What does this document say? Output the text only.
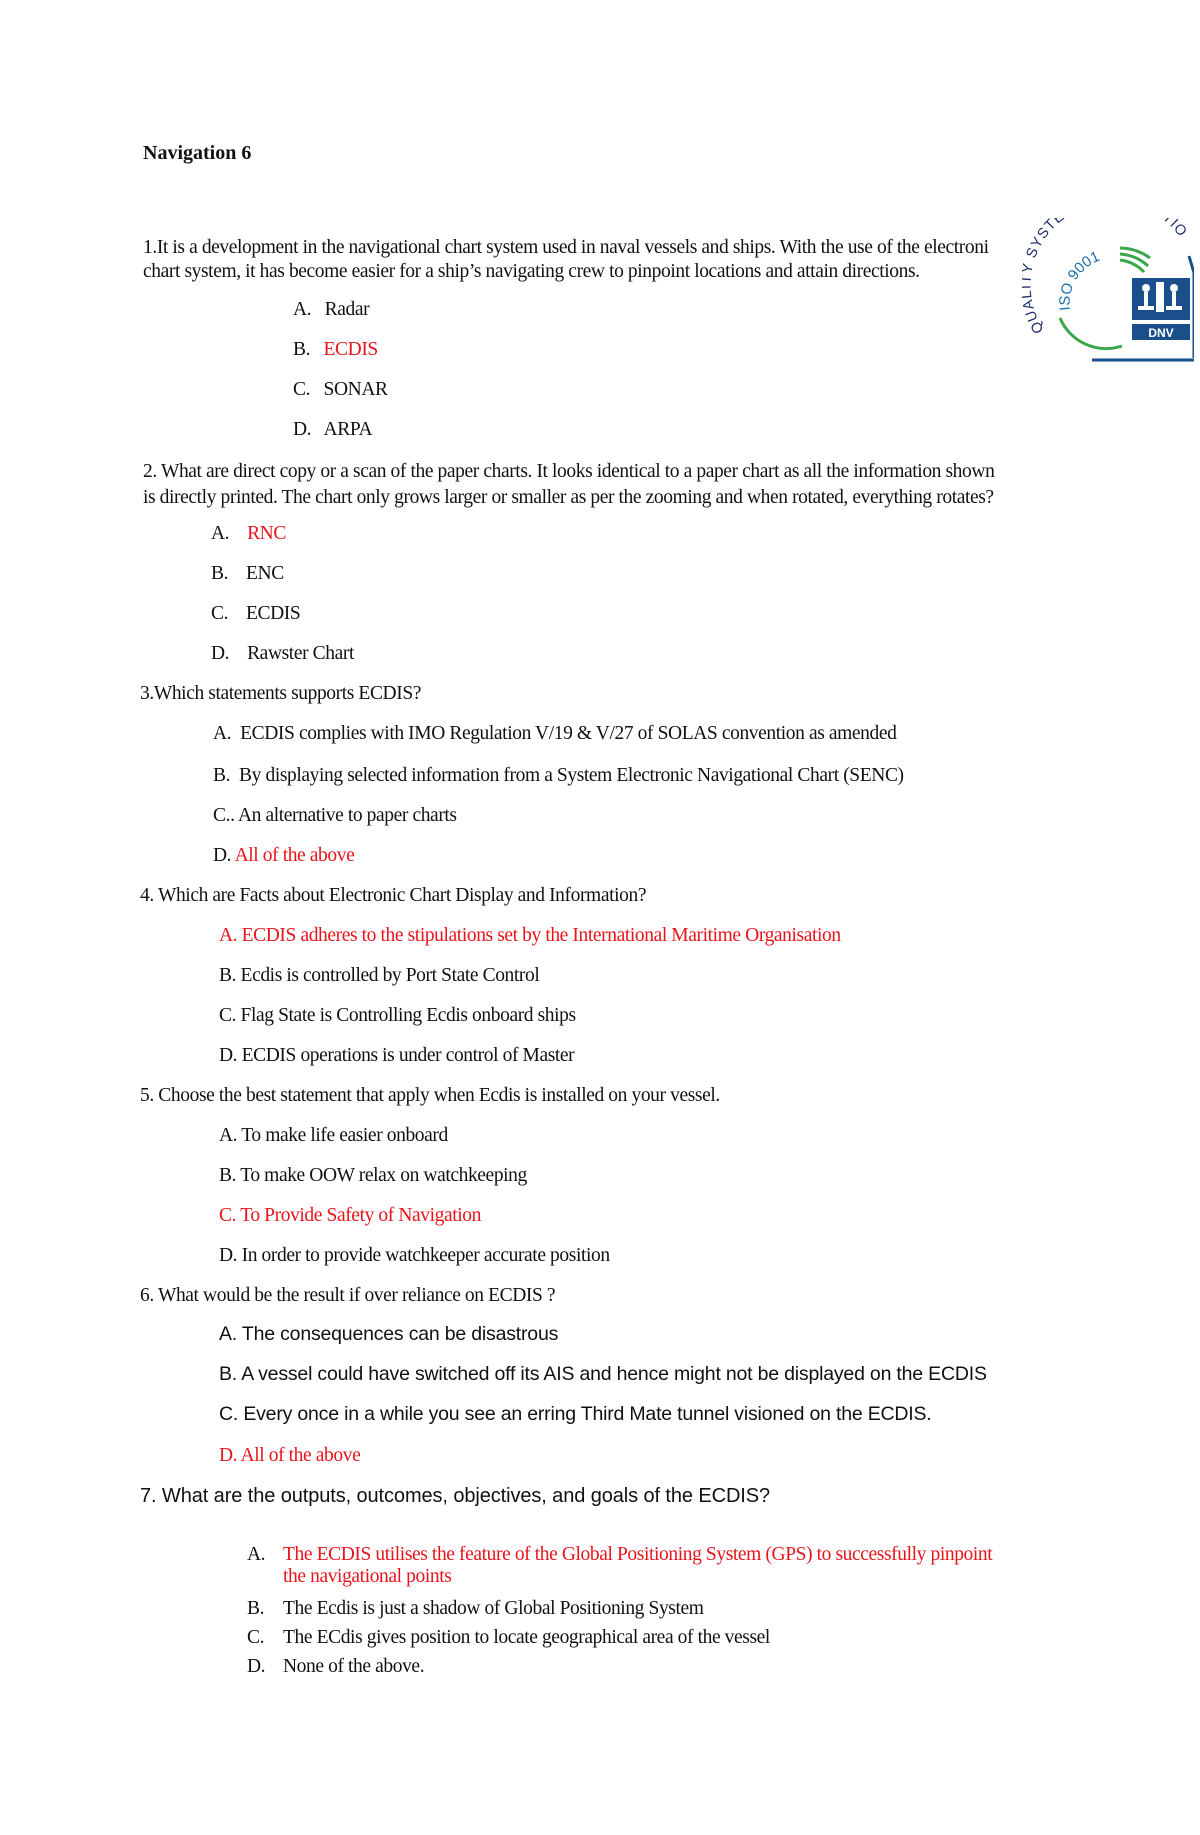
Navigation 6
QU SYST TIO
ISO 9001
DNV
1.It is a development in the navigational chart system used in naval vessels and ships. With the use of the electroni
chart system, it has become easier for a ship’s navigating crew to pinpoint locations and attain directions.
A. Radar
B. ECDIS
C. SONAR
D. ARPA
2. What are direct copy or a scan of the paper charts. It looks identical to a paper chart as all the information shown
is directly printed. The chart only grows larger or smaller as per the zooming and when rotated, everything rotates?
A. RNC
B. ENC
C. ECDIS
D. Rawster Chart
3.Which statements supports ECDIS?
A. ECDIS complies with IMO Regulation V/19 & V/27 of SOLAS convention as amended
B. By displaying selected information from a System Electronic Navigational Chart (SENC)
C.. An alternative to paper charts
D. All of the above
4. Which are Facts about Electronic Chart Display and Information?
A. ECDIS adheres to the stipulations set by the International Maritime Organisation
B. Ecdis is controlled by Port State Control
C. Flag State is Controlling Ecdis onboard ships
D. ECDIS operations is under control of Master
5. Choose the best statement that apply when Ecdis is installed on your vessel.
A. To make life easier onboard
B. To make OOW relax on watchkeeping
C. To Provide Safety of Navigation
D. In order to provide watchkeeper accurate position
6. What would be the result if over reliance on ECDIS ?
A. The consequences can be disastrous
B. A vessel could have switched off its AIS and hence might not be displayed on the ECDIS
C. Every once in a while you see an erring Third Mate tunnel visioned on the ECDIS.
D. All of the above
7. What are the outputs, outcomes, objectives, and goals of the ECDIS?
A. The ECDIS utilises the feature of the Global Positioning System (GPS) to successfully pinpoint
the navigational points
B. The Ecdis is just a shadow of Global Positioning System
C. The ECdis gives position to locate geographical area of the vessel
D. None of the above.
